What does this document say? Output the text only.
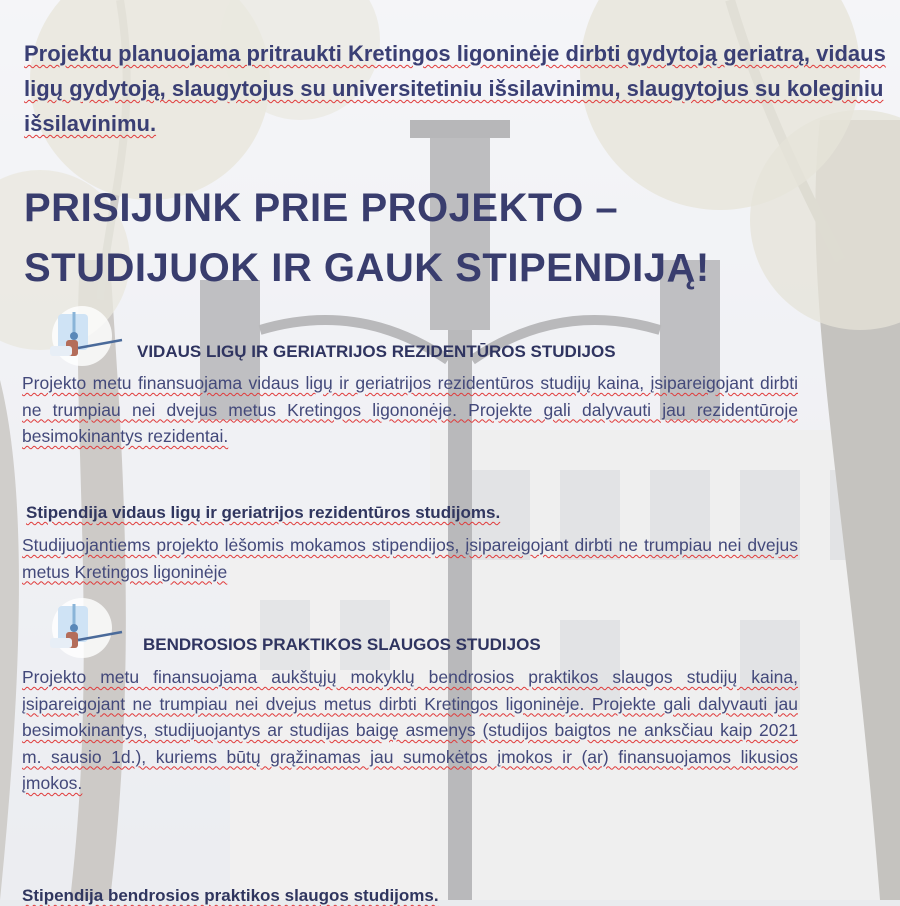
Projektu planuojama pritraukti Kretingos ligoninėje dirbti gydytoją geriatrą, vidaus ligų gydytoją, slaugytojus su universitetiniu išsilavinimu, slaugytojus su koleginiu išsilavinimu.

PRISIJUNK PRIE PROJEKTO –
STUDIJUOK IR GAUK STIPENDIJĄ!
VIDAUS LIGŲ IR GERIATRIJOS REZIDENTŪROS STUDIJOS

Projekto metu finansuojama vidaus ligų ir geriatrijos rezidentūros studijų kaina, įsipareigojant dirbti ne trumpiau nei dvejus metus Kretingos ligononėje. Projekte gali dalyvauti jau rezidentūroje besimokinantys rezidentai.

Stipendija vidaus ligų ir geriatrijos rezidentūros studijoms.

Studijuojantiems projekto lėšomis mokamos stipendijos, įsipareigojant dirbti ne trumpiau nei dvejus metus Kretingos ligoninėje

BENDROSIOS PRAKTIKOS SLAUGOS STUDIJOS

Projekto metu finansuojama aukštųjų mokyklų bendrosios praktikos slaugos studijų kaina, įsipareigojant ne trumpiau nei dvejus metus dirbti Kretingos ligoninėje. Projekte gali dalyvauti jau besimokinantys, studijuojantys ar studijas baigę asmenys (studijos baigtos ne anksčiau kaip 2021 m. sausio 1d.), kuriems būtų grąžinamas jau sumokėtos įmokos ir (ar) finansuojamos likusios įmokos.

Stipendija bendrosios praktikos slaugos studijoms.
